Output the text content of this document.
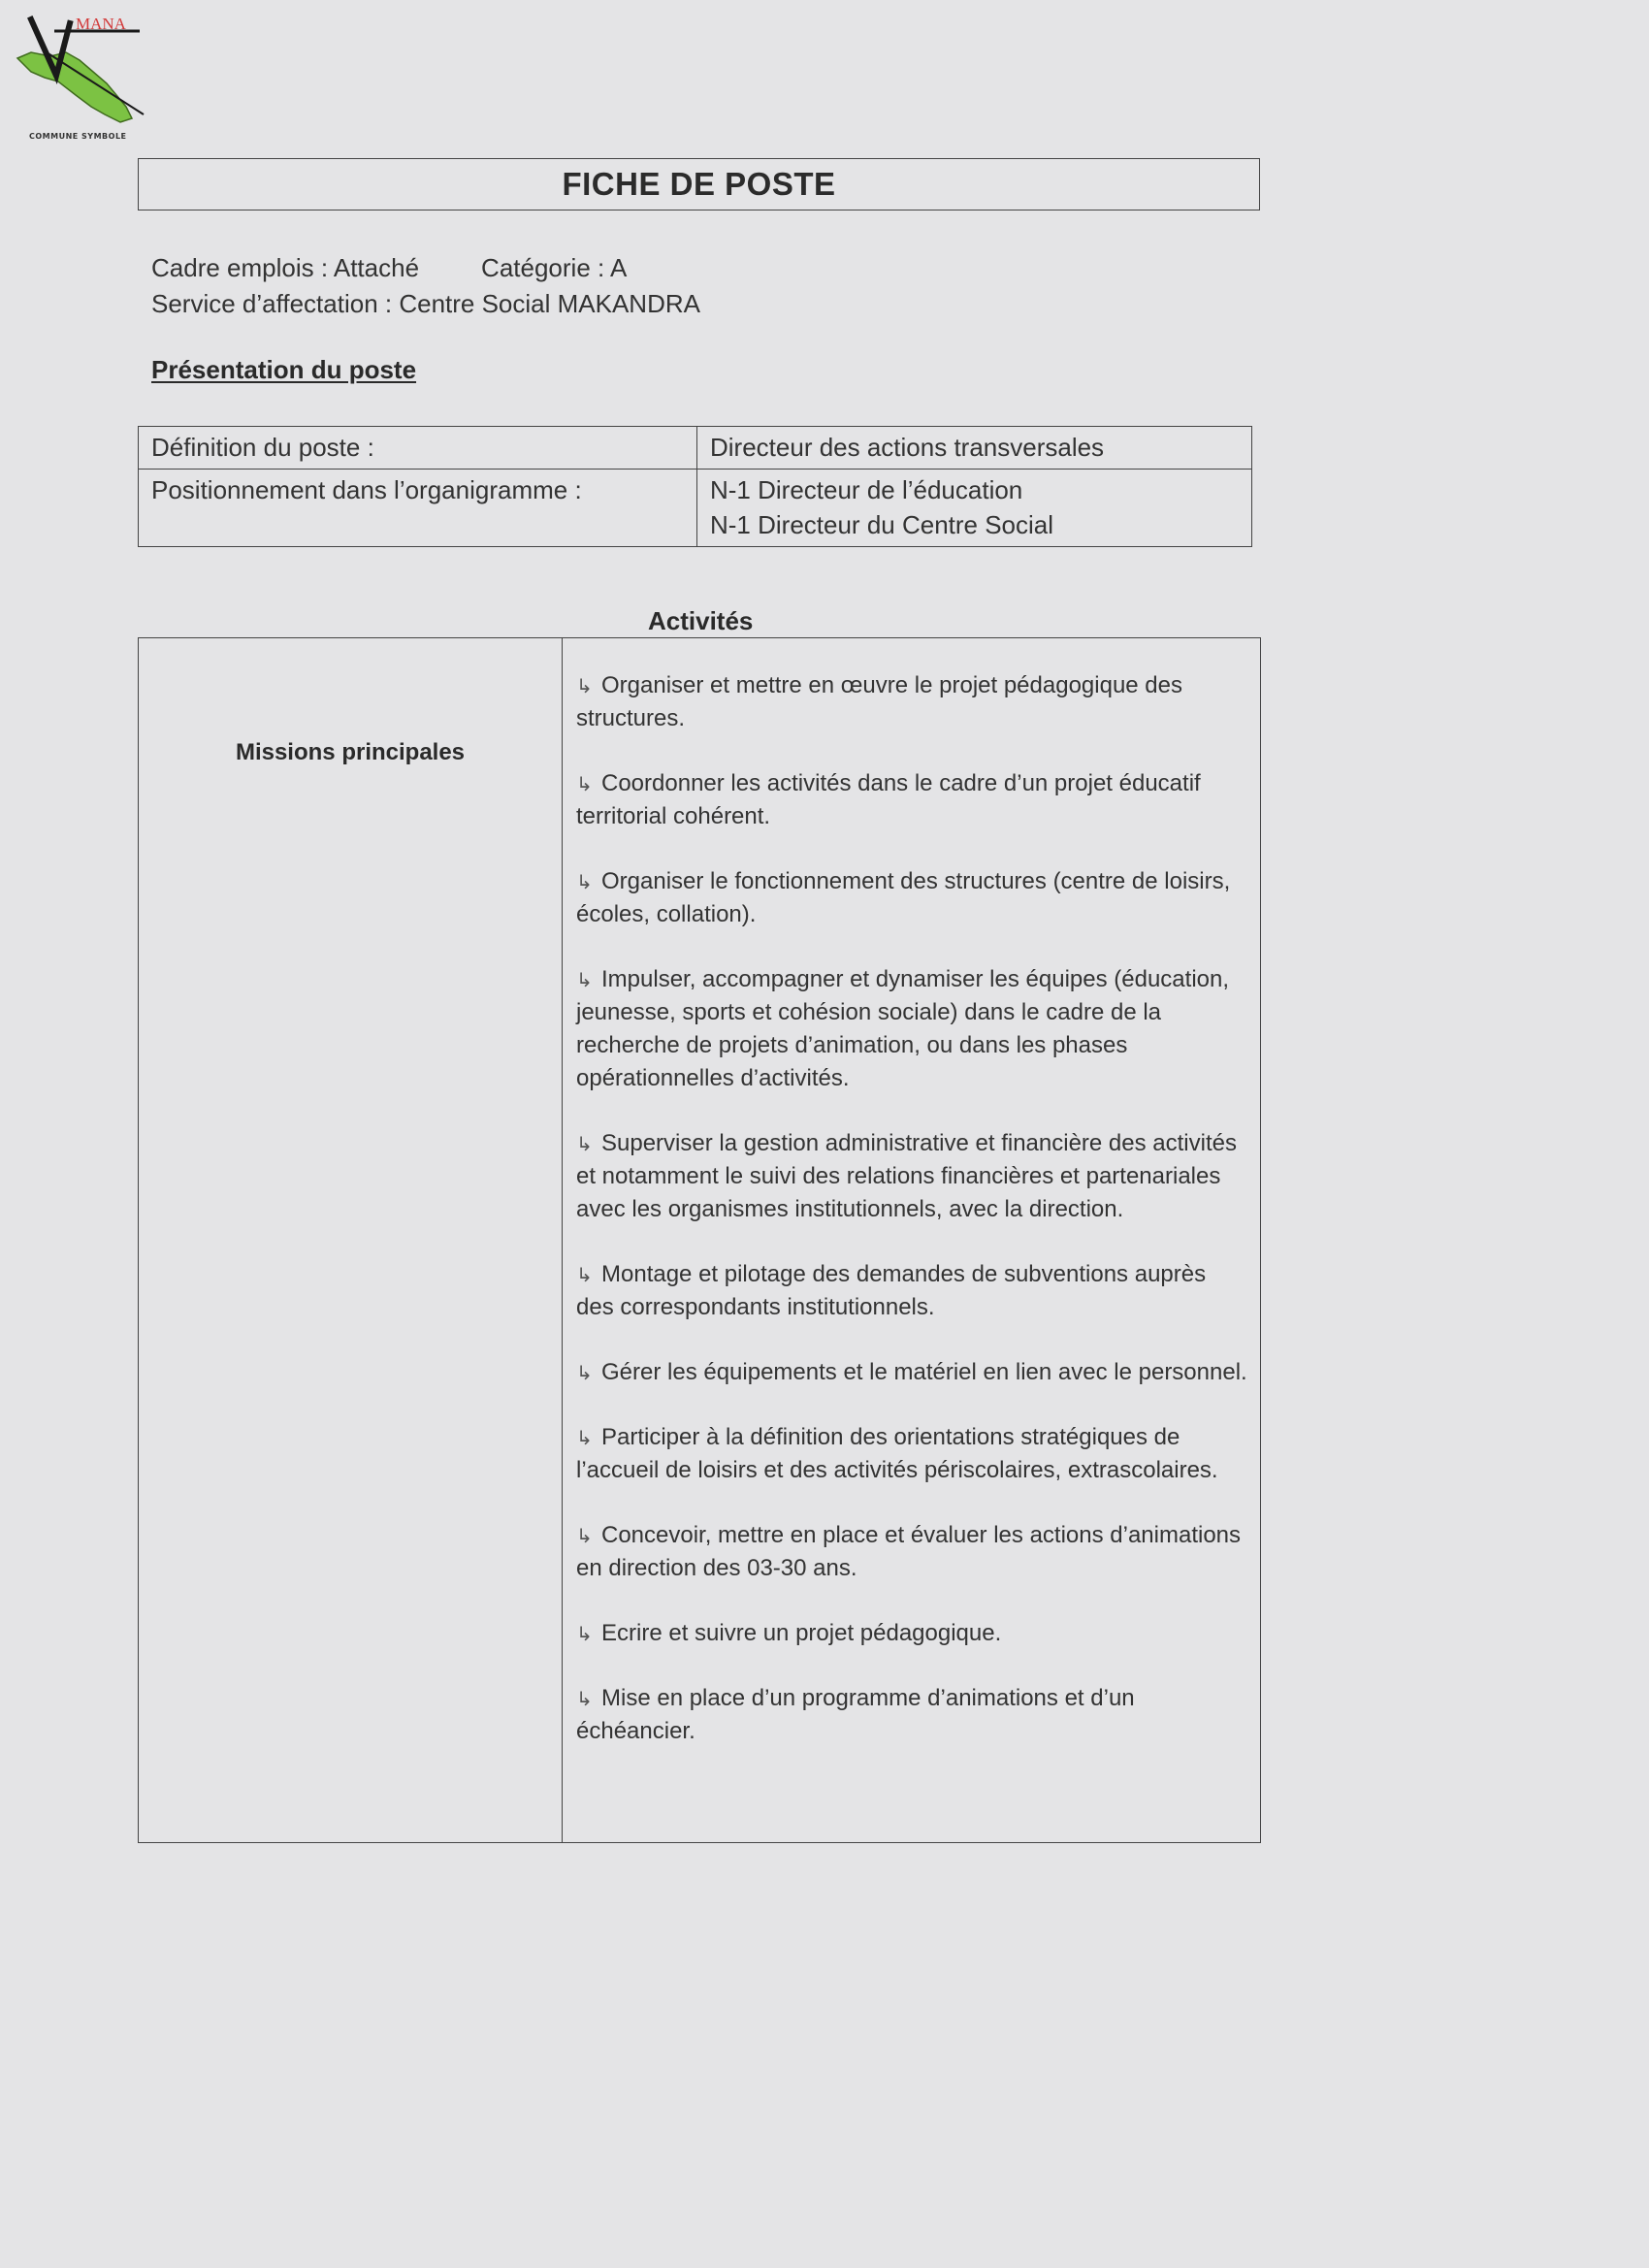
MANA
COMMUNE SYMBOLE
FICHE DE POSTE
Cadre emplois : Attaché Catégorie : A
Service d’affectation : Centre Social MAKANDRA
Présentation du poste
Définition du poste :	Directeur des actions transversales
Positionnement dans l’organigramme :	N-1 Directeur de l’éducation
N-1 Directeur du Centre Social
Activités
Missions principales
↳ Organiser et mettre en œuvre le projet pédagogique des structures.
↳ Coordonner les activités dans le cadre d’un projet éducatif territorial cohérent.
↳ Organiser le fonctionnement des structures (centre de loisirs, écoles, collation).
↳ Impulser, accompagner et dynamiser les équipes (éducation, jeunesse, sports et cohésion sociale) dans le cadre de la recherche de projets d’animation, ou dans les phases opérationnelles d’activités.
↳ Superviser la gestion administrative et financière des activités et notamment le suivi des relations financières et partenariales avec les organismes institutionnels, avec la direction.
↳ Montage et pilotage des demandes de subventions auprès des correspondants institutionnels.
↳ Gérer les équipements et le matériel en lien avec le personnel.
↳ Participer à la définition des orientations stratégiques de l’accueil de loisirs et des activités périscolaires, extrascolaires.
↳ Concevoir, mettre en place et évaluer les actions d’animations en direction des 03-30 ans.
↳ Ecrire et suivre un projet pédagogique.
↳ Mise en place d’un programme d’animations et d’un échéancier.
